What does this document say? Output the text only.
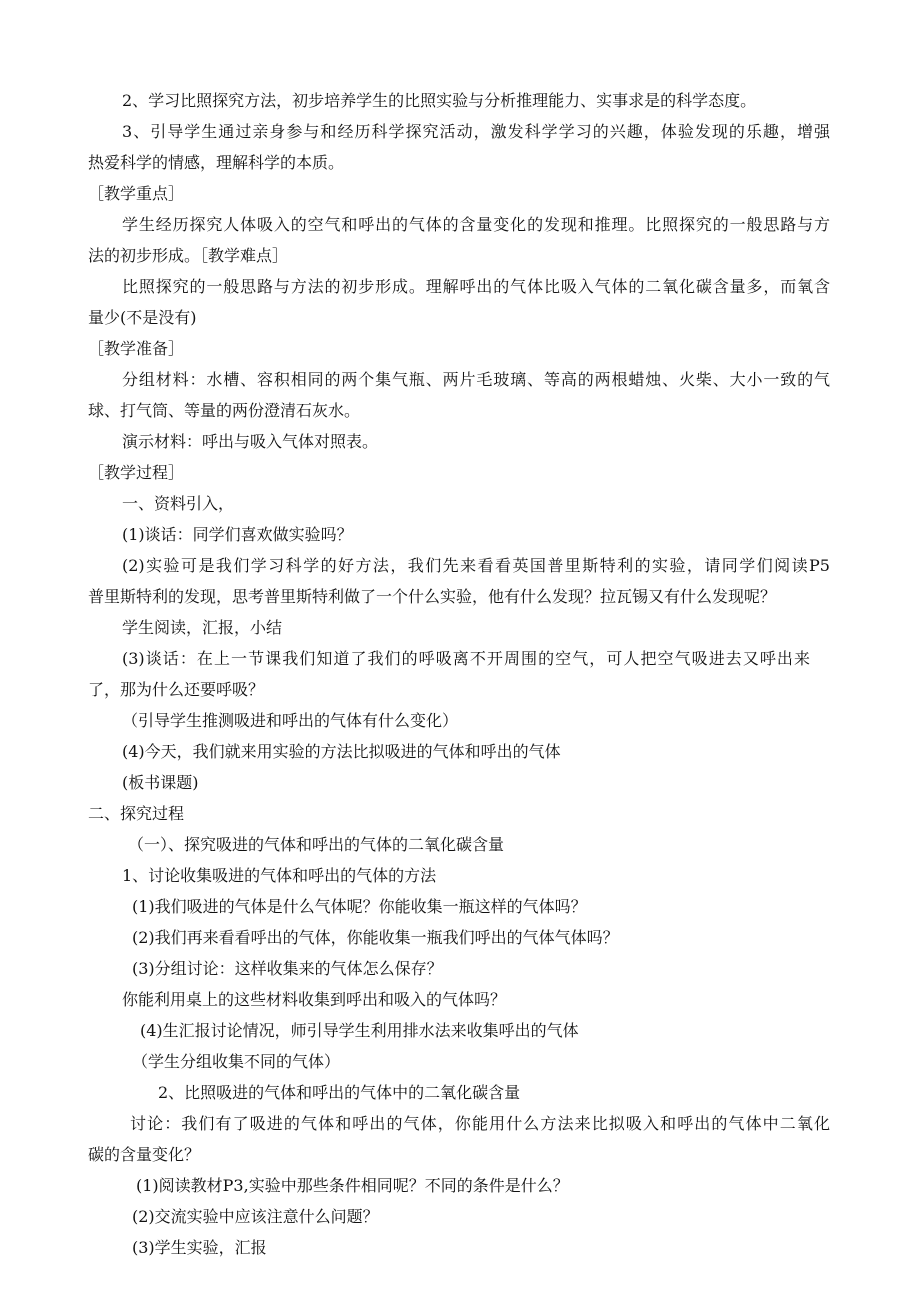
2、学习比照探究方法，初步培养学生的比照实验与分析推理能力、实事求是的科学态度。
3、引导学生通过亲身参与和经历科学探究活动，激发科学学习的兴趣，体验发现的乐趣，增强
热爱科学的情感，理解科学的本质。
［教学重点］
学生经历探究人体吸入的空气和呼出的气体的含量变化的发现和推理。比照探究的一般思路与方
法的初步形成。［教学难点］
比照探究的一般思路与方法的初步形成。理解呼出的气体比吸入气体的二氧化碳含量多，而氧含
量少(不是没有)
［教学准备］
分组材料：水槽、容积相同的两个集气瓶、两片毛玻璃、等高的两根蜡烛、火柴、大小一致的气
球、打气筒、等量的两份澄清石灰水。
演示材料：呼出与吸入气体对照表。
［教学过程］
一、资料引入，
(1)谈话：同学们喜欢做实验吗？
(2)实验可是我们学习科学的好方法，我们先来看看英国普里斯特利的实验，请同学们阅读P5
普里斯特利的发现，思考普里斯特利做了一个什么实验，他有什么发现？拉瓦锡又有什么发现呢？
学生阅读，汇报，小结
(3)谈话：在上一节课我们知道了我们的呼吸离不开周围的空气，可人把空气吸进去又呼出来
了，那为什么还要呼吸？
（引导学生推测吸进和呼出的气体有什么变化）
(4)今天，我们就来用实验的方法比拟吸进的气体和呼出的气体
(板书课题)
二、探究过程
（一）、探究吸进的气体和呼出的气体的二氧化碳含量
1、讨论收集吸进的气体和呼出的气体的方法
(1)我们吸进的气体是什么气体呢？你能收集一瓶这样的气体吗？
(2)我们再来看看呼出的气体，你能收集一瓶我们呼出的气体气体吗？
(3)分组讨论：这样收集来的气体怎么保存？
你能利用桌上的这些材料收集到呼出和吸入的气体吗？
(4)生汇报讨论情况，师引导学生利用排水法来收集呼出的气体
（学生分组收集不同的气体）
2、比照吸进的气体和呼出的气体中的二氧化碳含量
讨论：我们有了吸进的气体和呼出的气体，你能用什么方法来比拟吸入和呼出的气体中二氧化
碳的含量变化？
(1)阅读教材P3,实验中那些条件相同呢？不同的条件是什么？
(2)交流实验中应该注意什么问题？
(3)学生实验，汇报
